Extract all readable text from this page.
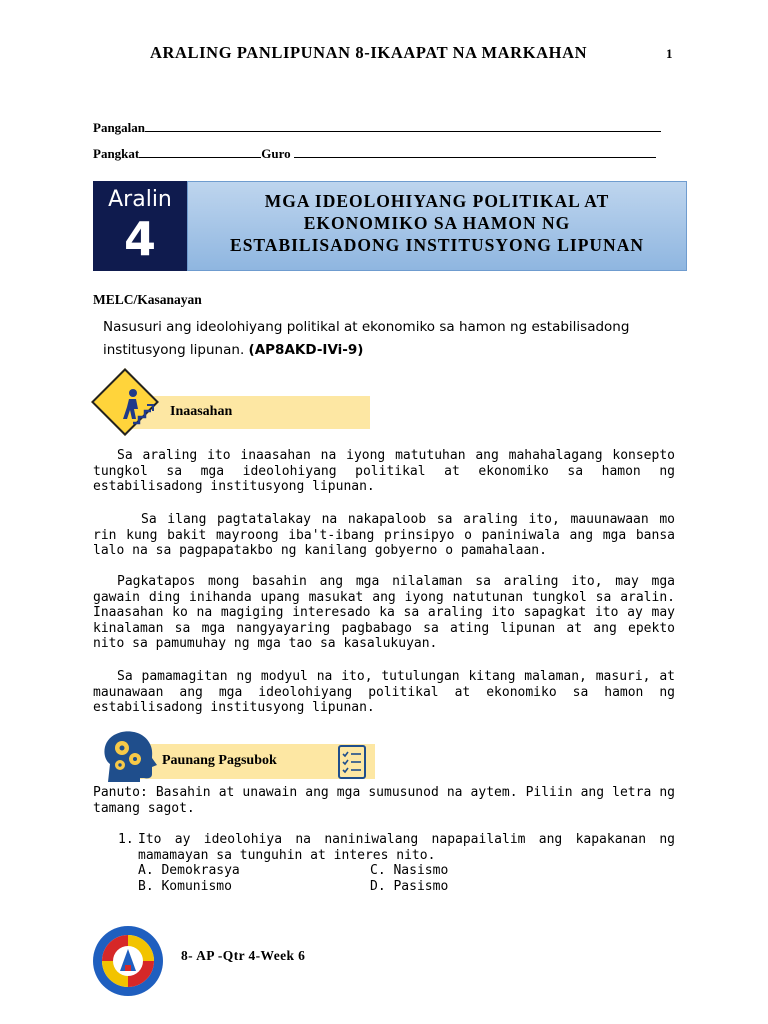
ARALING PANLIPUNAN 8-IKAAPAT NA MARKAHAN	1
Pangalan
Pangkat	Guro
Aralin
4
MGA IDEOLOHIYANG POLITIKAL AT
EKONOMIKO SA HAMON NG
ESTABILISADONG INSTITUSYONG LIPUNAN
MELC/Kasanayan
Nasusuri ang ideolohiyang politikal at ekonomiko sa hamon ng estabilisadong institusyong lipunan. (AP8AKD-IVi-9)
Inaasahan
Sa araling ito inaasahan na iyong matutuhan ang mahahalagang konsepto tungkol sa mga ideolohiyang politikal at ekonomiko sa hamon ng estabilisadong institusyong lipunan.
Sa ilang pagtatalakay na nakapaloob sa araling ito, mauunawaan mo rin kung bakit mayroong iba't-ibang prinsipyo o paniniwala ang mga bansa lalo na sa pagpapatakbo ng kanilang gobyerno o pamahalaan.
Pagkatapos mong basahin ang mga nilalaman sa araling ito, may mga gawain ding inihanda upang masukat ang iyong natutunan tungkol sa aralin. Inaasahan ko na magiging interesado ka sa araling ito sapagkat ito ay may kinalaman sa mga nangyayaring pagbabago sa ating lipunan at ang epekto nito sa pamumuhay ng mga tao sa kasalukuyan.
Sa pamamagitan ng modyul na ito, tutulungan kitang malaman, masuri, at maunawaan ang mga ideolohiyang politikal at ekonomiko sa hamon ng estabilisadong institusyong lipunan.
Paunang Pagsubok
Panuto: Basahin at unawain ang mga sumusunod na aytem. Piliin ang letra ng tamang sagot.
1. Ito ay ideolohiya na naniniwalang napapailalim ang kapakanan ng mamamayan sa tunguhin at interes nito.
A. Demokrasya	C. Nasismo
B. Komunismo	D. Pasismo
8- AP -Qtr 4-Week 6
